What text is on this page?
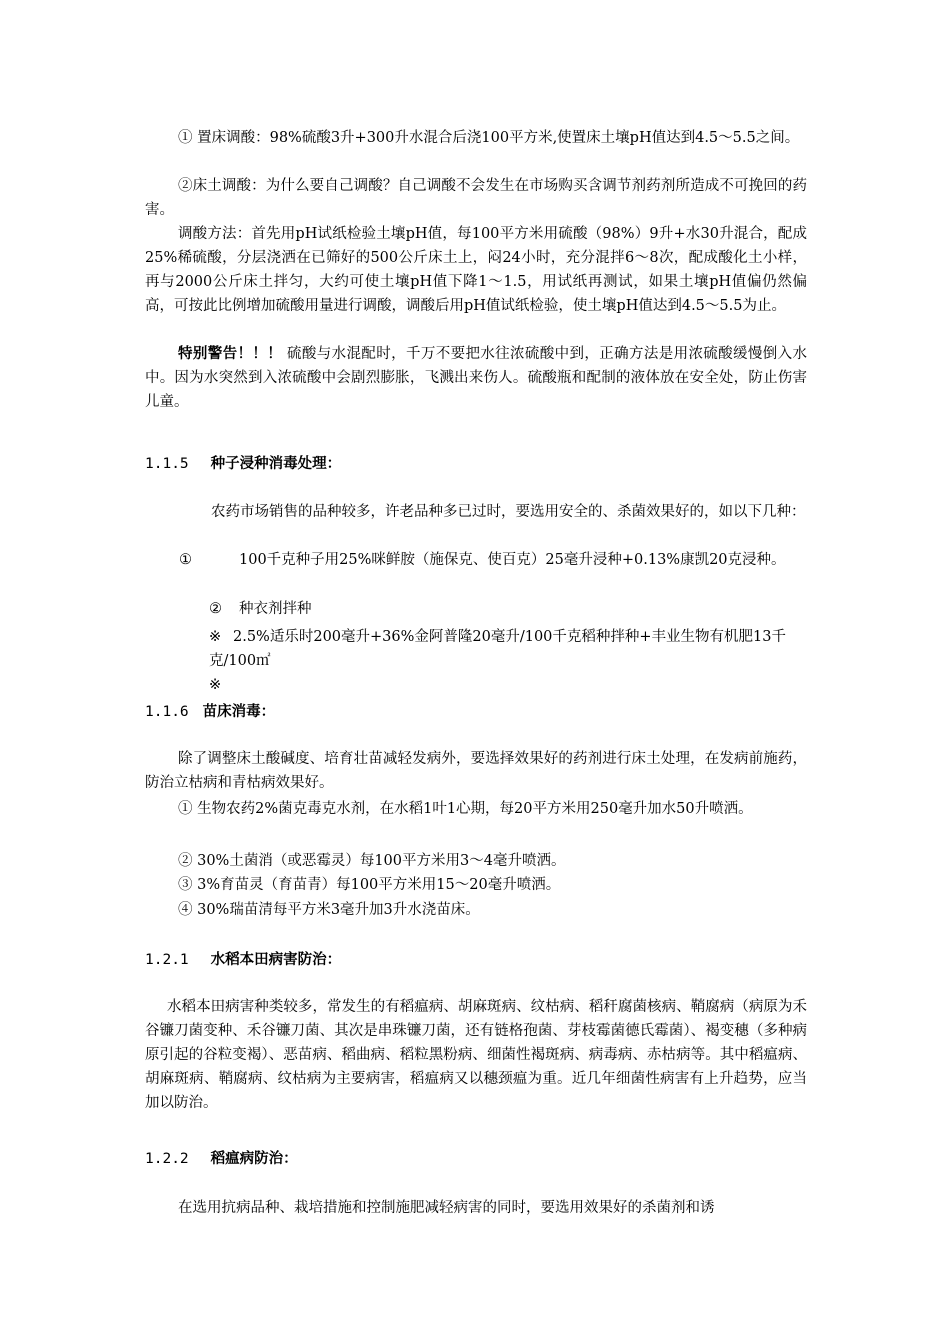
① 置床调酸：98%硫酸3升+300升水混合后浇100平方米,使置床土壤pH值达到4.5～5.5之间。

②床土调酸：为什么要自己调酸？自己调酸不会发生在市场购买含调节剂药剂所造成不可挽回的药害。

调酸方法：首先用pH试纸检验土壤pH值，每100平方米用硫酸（98%）9升+水30升混合，配成25%稀硫酸，分层浇洒在已筛好的500公斤床土上，闷24小时，充分混拌6～8次，配成酸化土小样，再与2000公斤床土拌匀，大约可使土壤pH值下降1～1.5，用试纸再测试，如果土壤pH值偏仍然偏高，可按此比例增加硫酸用量进行调酸，调酸后用pH值试纸检验，使土壤pH值达到4.5～5.5为止。

特别警告！！！ 硫酸与水混配时，千万不要把水往浓硫酸中到，正确方法是用浓硫酸缓慢倒入水中。因为水突然到入浓硫酸中会剧烈膨胀，飞溅出来伤人。硫酸瓶和配制的液体放在安全处，防止伤害儿童。

1.1.5 种子浸种消毒处理：

农药市场销售的品种较多，许老品种多已过时，要选用安全的、杀菌效果好的，如以下几种：

①	100千克种子用25%咪鲜胺（施保克、使百克）25毫升浸种+0.13%康凯20克浸种。

② 种衣剂拌种

※ 2.5%适乐时200毫升+36%金阿普隆20毫升/100千克稻种拌种+丰业生物有机肥13千克/100㎡

※

1.1.6 苗床消毒：

除了调整床土酸碱度、培育壮苗减轻发病外，要选择效果好的药剂进行床土处理，在发病前施药，防治立枯病和青枯病效果好。

① 生物农药2%菌克毒克水剂，在水稻1叶1心期，每20平方米用250毫升加水50升喷洒。

② 30%土菌消（或恶霉灵）每100平方米用3～4毫升喷洒。

③ 3%育苗灵（育苗青）每100平方米用15～20毫升喷洒。

④ 30%瑞苗清每平方米3毫升加3升水浇苗床。

1.2.1 水稻本田病害防治：

水稻本田病害种类较多，常发生的有稻瘟病、胡麻斑病、纹枯病、稻秆腐菌核病、鞘腐病（病原为禾谷镰刀菌变种、禾谷镰刀菌、其次是串珠镰刀菌，还有链格孢菌、芽枝霉菌德氏霉菌）、褐变穗（多种病原引起的谷粒变褐）、恶苗病、稻曲病、稻粒黑粉病、细菌性褐斑病、病毒病、赤枯病等。其中稻瘟病、胡麻斑病、鞘腐病、纹枯病为主要病害，稻瘟病又以穗颈瘟为重。近几年细菌性病害有上升趋势，应当加以防治。

1.2.2 稻瘟病防治：

在选用抗病品种、栽培措施和控制施肥减轻病害的同时，要选用效果好的杀菌剂和诱
